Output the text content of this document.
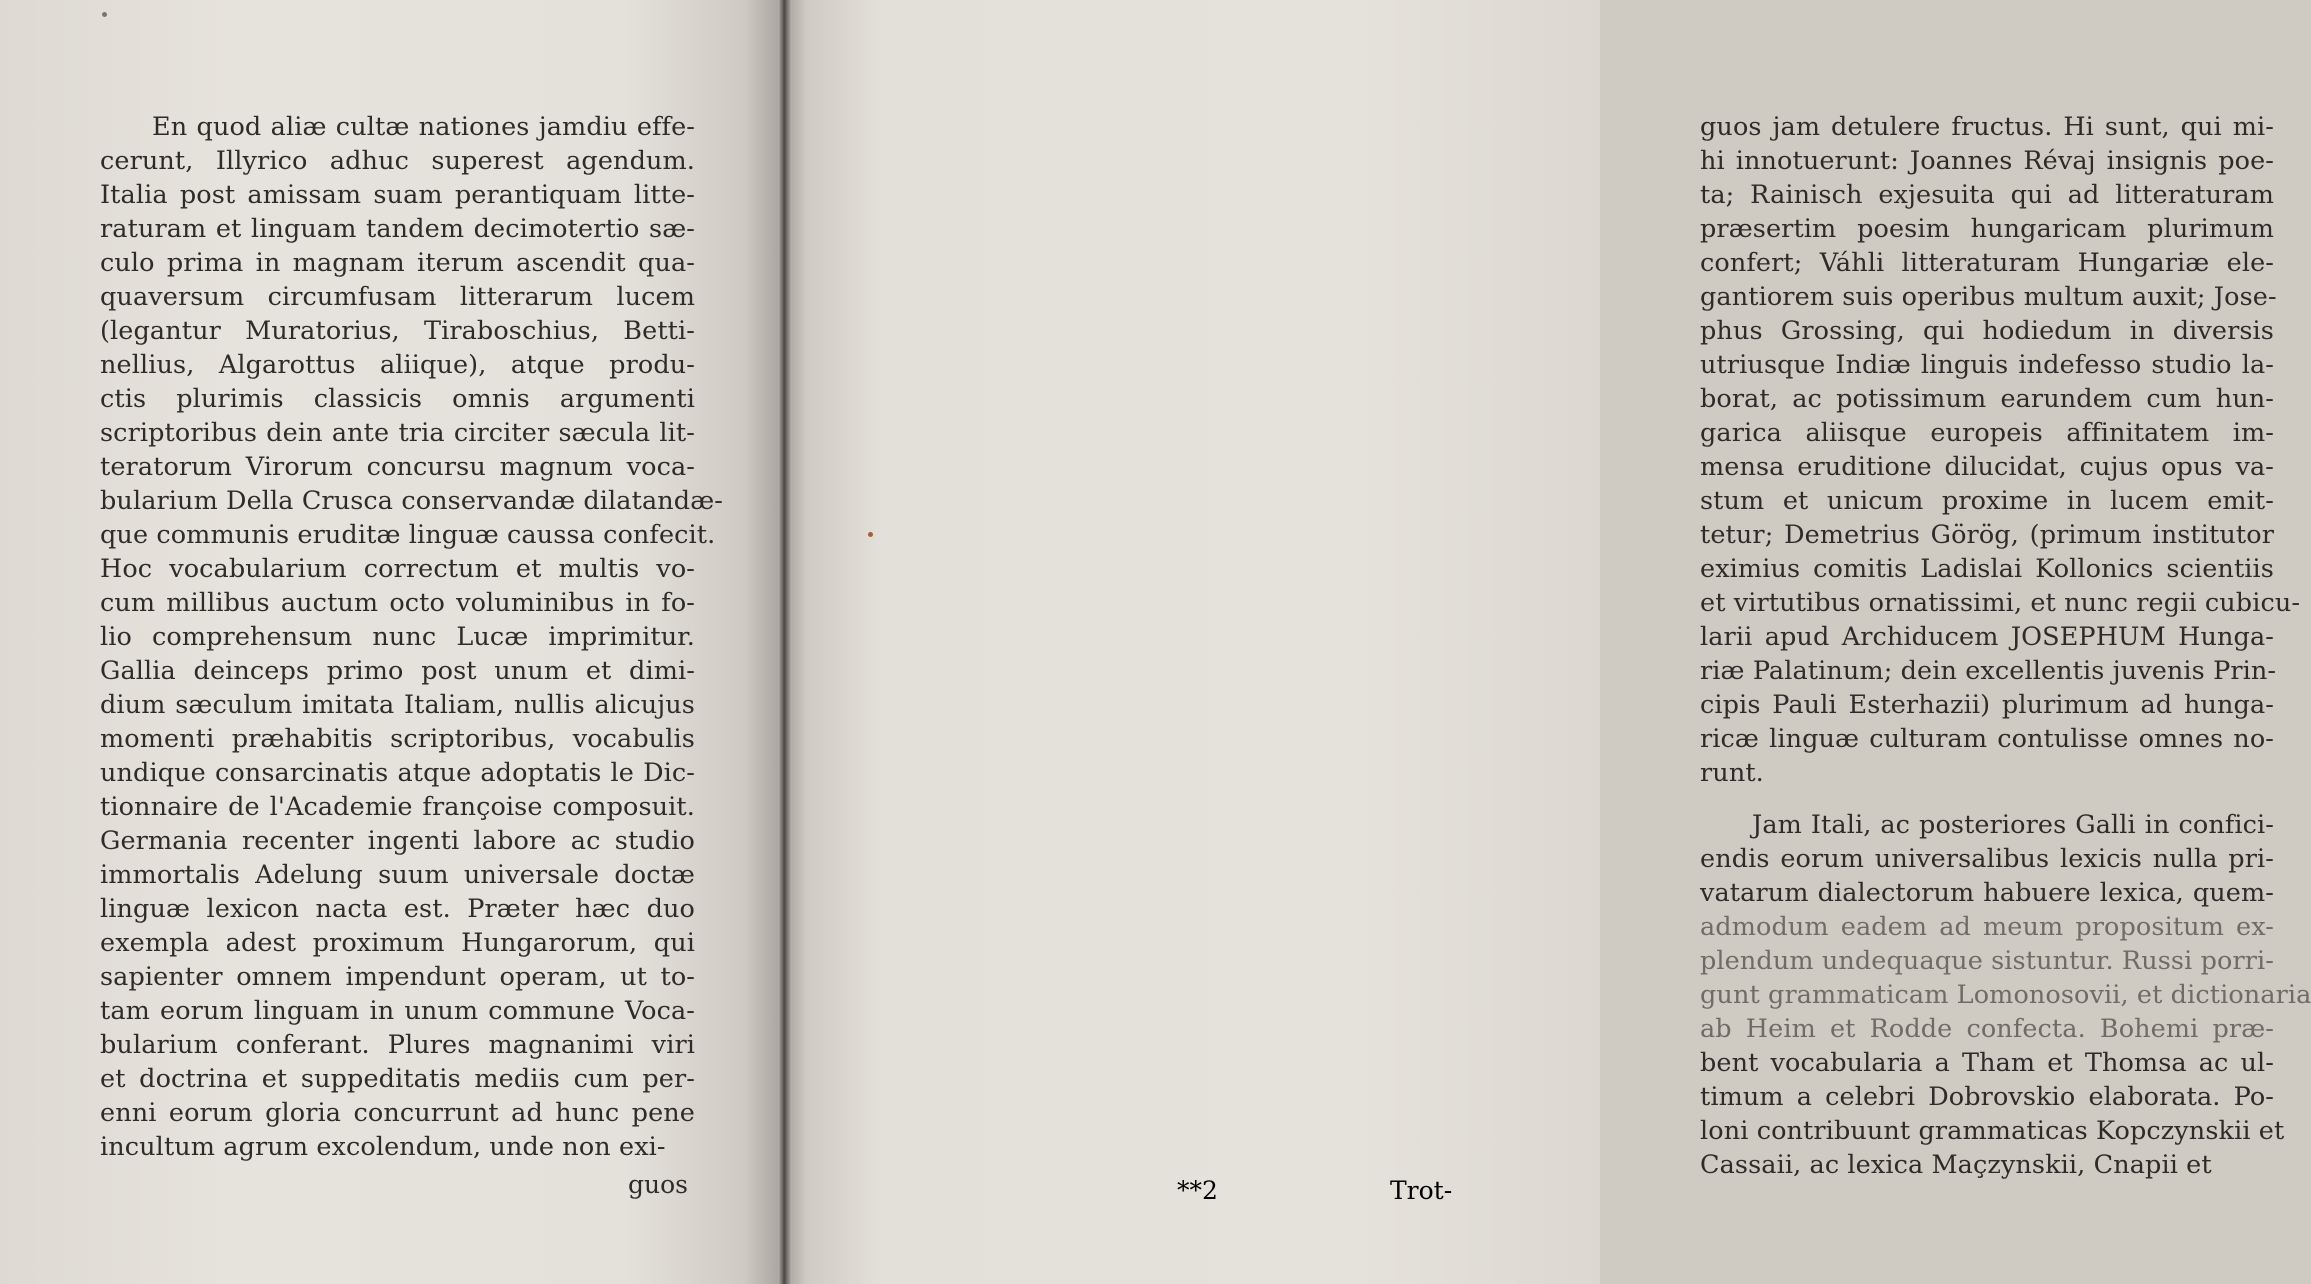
En quod aliæ cultæ nationes jamdiu effe-
cerunt, Illyrico adhuc superest agendum.
Italia post amissam suam perantiquam litte-
raturam et linguam tandem decimotertio sæ-
culo prima in magnam iterum ascendit qua-
quaversum circumfusam litterarum lucem
(legantur Muratorius, Tiraboschius, Betti-
nellius, Algarottus aliique), atque produ-
ctis plurimis classicis omnis argumenti
scriptoribus dein ante tria circiter sæcula lit-
teratorum Virorum concursu magnum voca-
bularium Della Crusca conservandæ dilatandæ-
que communis eruditæ linguæ caussa confecit.
Hoc vocabularium correctum et multis vo-
cum millibus auctum octo voluminibus in fo-
lio comprehensum nunc Lucæ imprimitur.
Gallia deinceps primo post unum et dimi-
dium sæculum imitata Italiam, nullis alicujus
momenti præhabitis scriptoribus, vocabulis
undique consarcinatis atque adoptatis le Dic-
tionnaire de l'Academie françoise composuit.
Germania recenter ingenti labore ac studio
immortalis Adelung suum universale doctæ
linguæ lexicon nacta est. Præter hæc duo
exempla adest proximum Hungarorum, qui
sapienter omnem impendunt operam, ut to-
tam eorum linguam in unum commune Voca-
bularium conferant. Plures magnanimi viri
et doctrina et suppeditatis mediis cum per-
enni eorum gloria concurrunt ad hunc pene
incultum agrum excolendum, unde non exi-
guos
guos jam detulere fructus. Hi sunt, qui mi-
hi innotuerunt: Joannes Révaj insignis poe-
ta; Rainisch exjesuita qui ad litteraturam
præsertim poesim hungaricam plurimum
confert; Váhli litteraturam Hungariæ ele-
gantiorem suis operibus multum auxit; Jose-
phus Grossing, qui hodiedum in diversis
utriusque Indiæ linguis indefesso studio la-
borat, ac potissimum earundem cum hun-
garica aliisque europeis affinitatem im-
mensa eruditione dilucidat, cujus opus va-
stum et unicum proxime in lucem emit-
tetur; Demetrius Görög, (primum institutor
eximius comitis Ladislai Kollonics scientiis
et virtutibus ornatissimi, et nunc regii cubicu-
larii apud Archiducem JOSEPHUM Hunga-
riæ Palatinum; dein excellentis juvenis Prin-
cipis Pauli Esterhazii) plurimum ad hunga-
ricæ linguæ culturam contulisse omnes no-
runt.
Jam Itali, ac posteriores Galli in confici-
endis eorum universalibus lexicis nulla pri-
vatarum dialectorum habuere lexica, quem-
admodum eadem ad meum propositum ex-
plendum undequaque sistuntur. Russi porri-
gunt grammaticam Lomonosovii, et dictionaria
ab Heim et Rodde confecta. Bohemi præ-
bent vocabularia a Tham et Thomsa ac ul-
timum a celebri Dobrovskio elaborata. Po-
loni contribuunt grammaticas Kopczynskii et
Cassaii, ac lexica Maçzynskii, Cnapii et
**2	Trot-
